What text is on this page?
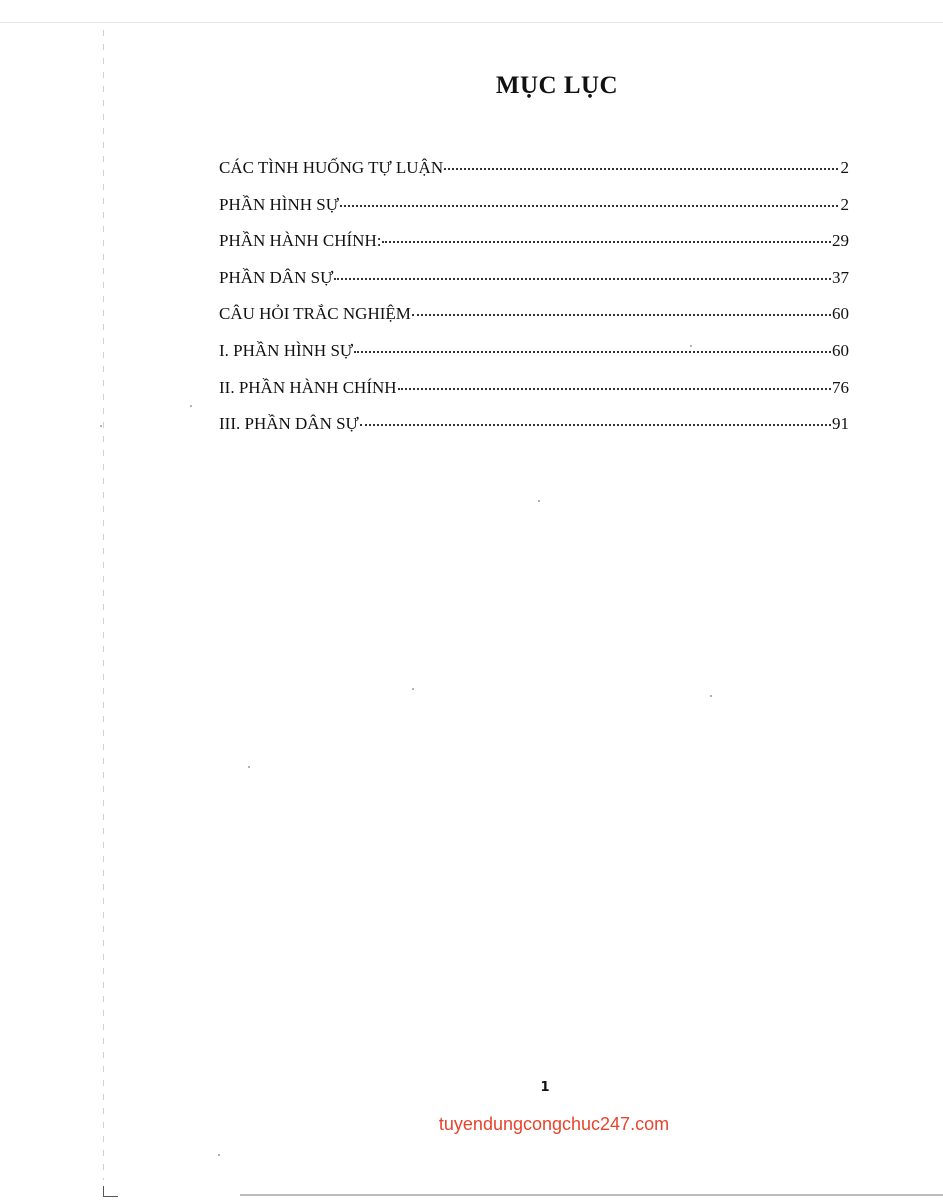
MỤC LỤC
CÁC TÌNH HUỐNG TỰ LUẬN	2
PHẦN HÌNH SỰ	2
PHẦN HÀNH CHÍNH:	29
PHẦN DÂN SỰ	37
CÂU HỎI TRẮC NGHIỆM	60
I. PHẦN HÌNH SỰ	60
II. PHẦN HÀNH CHÍNH	76
III. PHẦN DÂN SỰ	91
1
tuyendungcongchuc247.com
